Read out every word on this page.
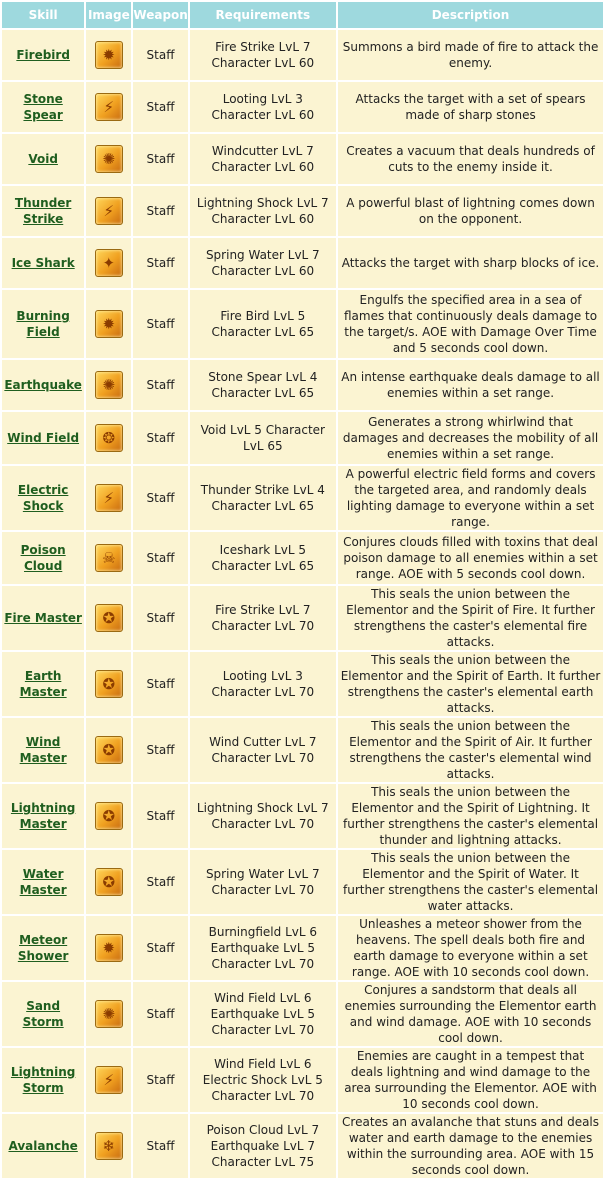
Skill	Image	Weapon	Requirements	Description
Firebird	✹	Staff	Fire Strike LvL 7 Character LvL 60	Summons a bird made of fire to attack the enemy.
Stone Spear	⚡	Staff	Looting LvL 3 Character LvL 60	Attacks the target with a set of spears made of sharp stones
Void	✺	Staff	Windcutter LvL 7 Character LvL 60	Creates a vacuum that deals hundreds of cuts to the enemy inside it.
Thunder Strike	⚡	Staff	Lightning Shock LvL 7 Character LvL 60	A powerful blast of lightning comes down on the opponent.
Ice Shark	✦	Staff	Spring Water LvL 7 Character LvL 60	Attacks the target with sharp blocks of ice.
Burning Field	✹	Staff	Fire Bird LvL 5 Character LvL 65	Engulfs the specified area in a sea of flames that continuously deals damage to the target/s. AOE with Damage Over Time and 5 seconds cool down.
Earthquake	✺	Staff	Stone Spear LvL 4 Character LvL 65	An intense earthquake deals damage to all enemies within a set range.
Wind Field	❂	Staff	Void LvL 5 Character LvL 65	Generates a strong whirlwind that damages and decreases the mobility of all enemies within a set range.
Electric Shock	⚡	Staff	Thunder Strike LvL 4 Character LvL 65	A powerful electric field forms and covers the targeted area, and randomly deals lighting damage to everyone within a set range.
Poison Cloud	☠	Staff	Iceshark LvL 5 Character LvL 65	Conjures clouds filled with toxins that deal poison damage to all enemies within a set range. AOE with 5 seconds cool down.
Fire Master	✪	Staff	Fire Strike LvL 7 Character LvL 70	This seals the union between the Elementor and the Spirit of Fire. It further strengthens the caster's elemental fire attacks.
Earth Master	✪	Staff	Looting LvL 3 Character LvL 70	This seals the union between the Elementor and the Spirit of Earth. It further strengthens the caster's elemental earth attacks.
Wind Master	✪	Staff	Wind Cutter LvL 7 Character LvL 70	This seals the union between the Elementor and the Spirit of Air. It further strengthens the caster's elemental wind attacks.
Lightning Master	✪	Staff	Lightning Shock LvL 7 Character LvL 70	This seals the union between the Elementor and the Spirit of Lightning. It further strengthens the caster's elemental thunder and lightning attacks.
Water Master	✪	Staff	Spring Water LvL 7 Character LvL 70	This seals the union between the Elementor and the Spirit of Water. It further strengthens the caster's elemental water attacks.
Meteor Shower	✹	Staff	Burningfield LvL 6 Earthquake LvL 5 Character LvL 70	Unleashes a meteor shower from the heavens. The spell deals both fire and earth damage to everyone within a set range. AOE with 10 seconds cool down.
Sand Storm	✺	Staff	Wind Field LvL 6 Earthquake LvL 5 Character LvL 70	Conjures a sandstorm that deals all enemies surrounding the Elementor earth and wind damage. AOE with 10 seconds cool down.
Lightning Storm	⚡	Staff	Wind Field LvL 6 Electric Shock LvL 5 Character LvL 70	Enemies are caught in a tempest that deals lightning and wind damage to the area surrounding the Elementor. AOE with 10 seconds cool down.
Avalanche	❄	Staff	Poison Cloud LvL 7 Earthquake LvL 7 Character LvL 75	Creates an avalanche that stuns and deals water and earth damage to the enemies within the surrounding area. AOE with 15 seconds cool down.
